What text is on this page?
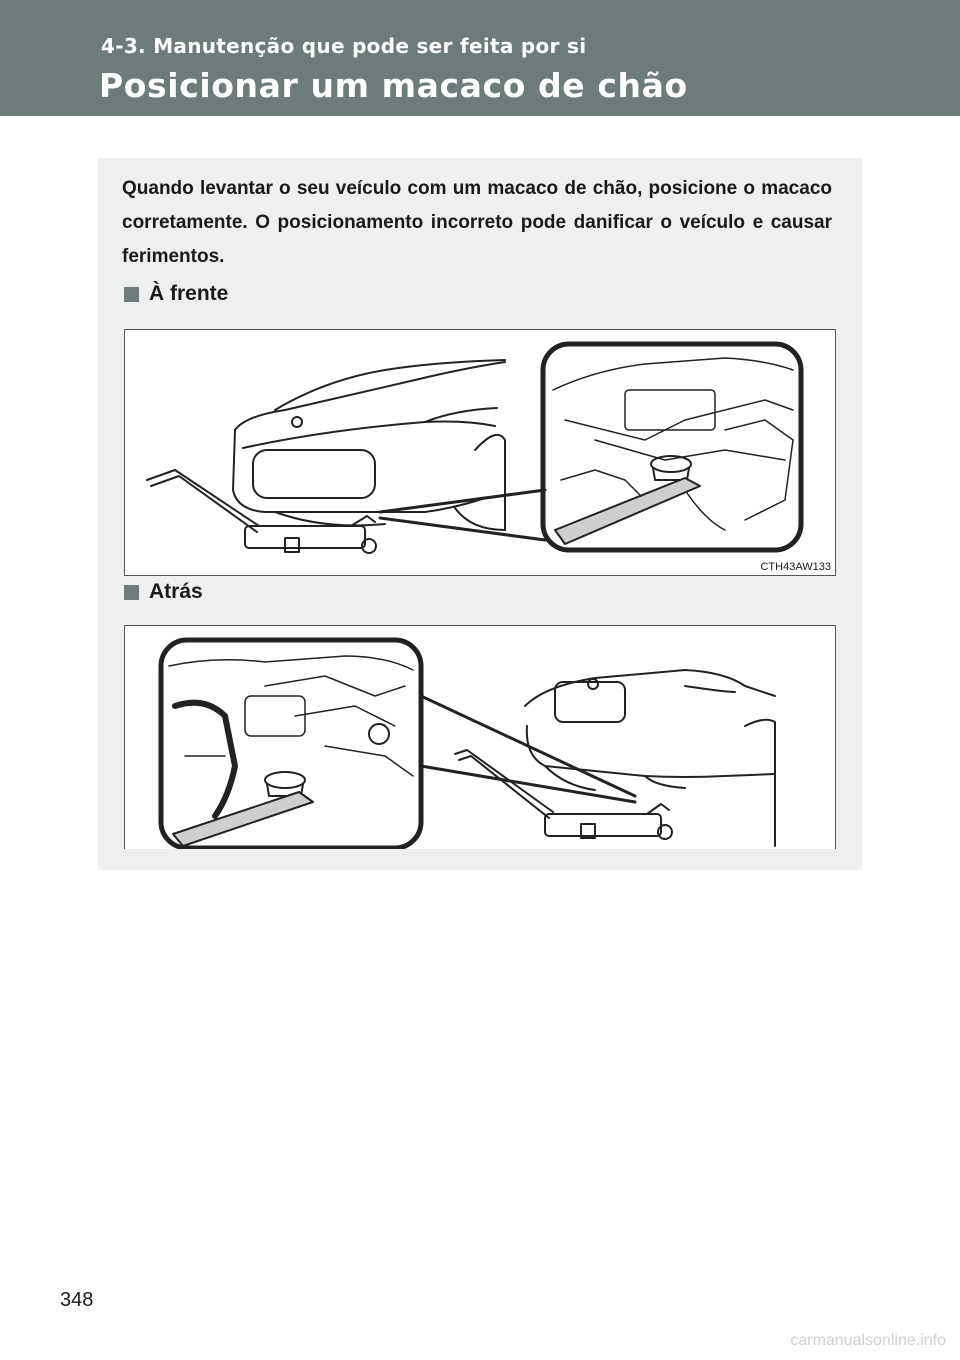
4-3. Manutenção que pode ser feita por si
Posicionar um macaco de chão

Quando levantar o seu veículo com um macaco de chão, posicione o macaco corretamente. O posicionamento incorreto pode danificar o veículo e causar ferimentos.

À frente
CTH43AW133
Atrás
348
carmanualsonline.info
